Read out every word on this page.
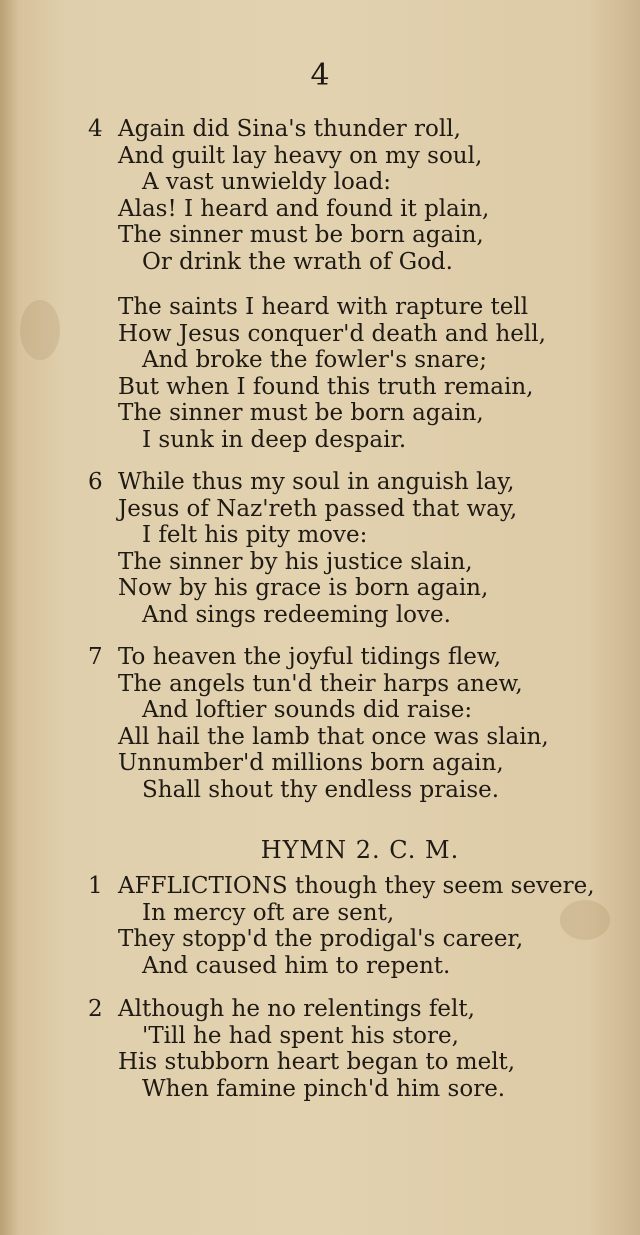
4
4 Again did Sina's thunder roll,
And guilt lay heavy on my soul,
A vast unwieldy load:
Alas! I heard and found it plain,
The sinner must be born again,
Or drink the wrath of God.
The saints I heard with rapture tell
How Jesus conquer'd death and hell,
And broke the fowler's snare;
But when I found this truth remain,
The sinner must be born again,
I sunk in deep despair.
6 While thus my soul in anguish lay,
Jesus of Naz'reth passed that way,
I felt his pity move:
The sinner by his justice slain,
Now by his grace is born again,
And sings redeeming love.
7 To heaven the joyful tidings flew,
The angels tun'd their harps anew,
And loftier sounds did raise:
All hail the lamb that once was slain,
Unnumber'd millions born again,
Shall shout thy endless praise.
HYMN 2. C. M.
1 AFFLICTIONS though they seem severe,
In mercy oft are sent,
They stopp'd the prodigal's career,
And caused him to repent.
2 Although he no relentings felt,
'Till he had spent his store,
His stubborn heart began to melt,
When famine pinch'd him sore.
